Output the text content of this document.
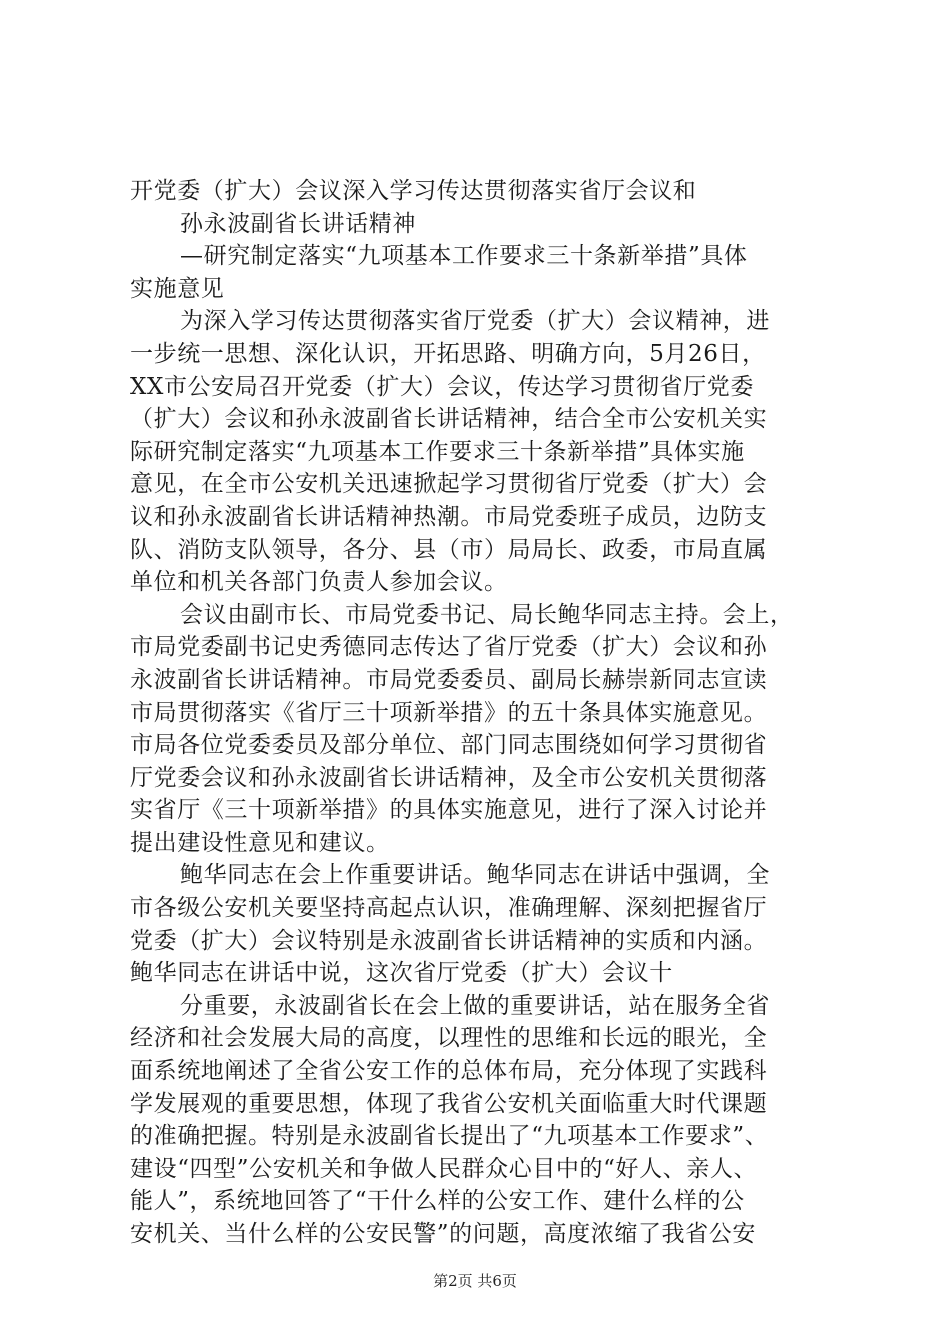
开党委（扩大）会议深入学习传达贯彻落实省厅会议和
孙永波副省长讲话精神
—研究制定落实“九项基本工作要求三十条新举措”具体
实施意见
为深入学习传达贯彻落实省厅党委（扩大）会议精神，进
一步统一思想、深化认识，开拓思路、明确方向，5月26日，
XX市公安局召开党委（扩大）会议，传达学习贯彻省厅党委
（扩大）会议和孙永波副省长讲话精神，结合全市公安机关实
际研究制定落实“九项基本工作要求三十条新举措”具体实施
意见，在全市公安机关迅速掀起学习贯彻省厅党委（扩大）会
议和孙永波副省长讲话精神热潮。市局党委班子成员，边防支
队、消防支队领导，各分、县（市）局局长、政委，市局直属
单位和机关各部门负责人参加会议。
会议由副市长、市局党委书记、局长鲍华同志主持。会上，
市局党委副书记史秀德同志传达了省厅党委（扩大）会议和孙
永波副省长讲话精神。市局党委委员、副局长赫崇新同志宣读
市局贯彻落实《省厅三十项新举措》的五十条具体实施意见。
市局各位党委委员及部分单位、部门同志围绕如何学习贯彻省
厅党委会议和孙永波副省长讲话精神，及全市公安机关贯彻落
实省厅《三十项新举措》的具体实施意见，进行了深入讨论并
提出建设性意见和建议。
鲍华同志在会上作重要讲话。鲍华同志在讲话中强调，全
市各级公安机关要坚持高起点认识，准确理解、深刻把握省厅
党委（扩大）会议特别是永波副省长讲话精神的实质和内涵。
鲍华同志在讲话中说，这次省厅党委（扩大）会议十
分重要，永波副省长在会上做的重要讲话，站在服务全省
经济和社会发展大局的高度，以理性的思维和长远的眼光，全
面系统地阐述了全省公安工作的总体布局，充分体现了实践科
学发展观的重要思想，体现了我省公安机关面临重大时代课题
的准确把握。特别是永波副省长提出了“九项基本工作要求”、
建设“四型”公安机关和争做人民群众心目中的“好人、亲人、
能人”，系统地回答了“干什么样的公安工作、建什么样的公
安机关、当什么样的公安民警”的问题，高度浓缩了我省公安
第2页 共6页
